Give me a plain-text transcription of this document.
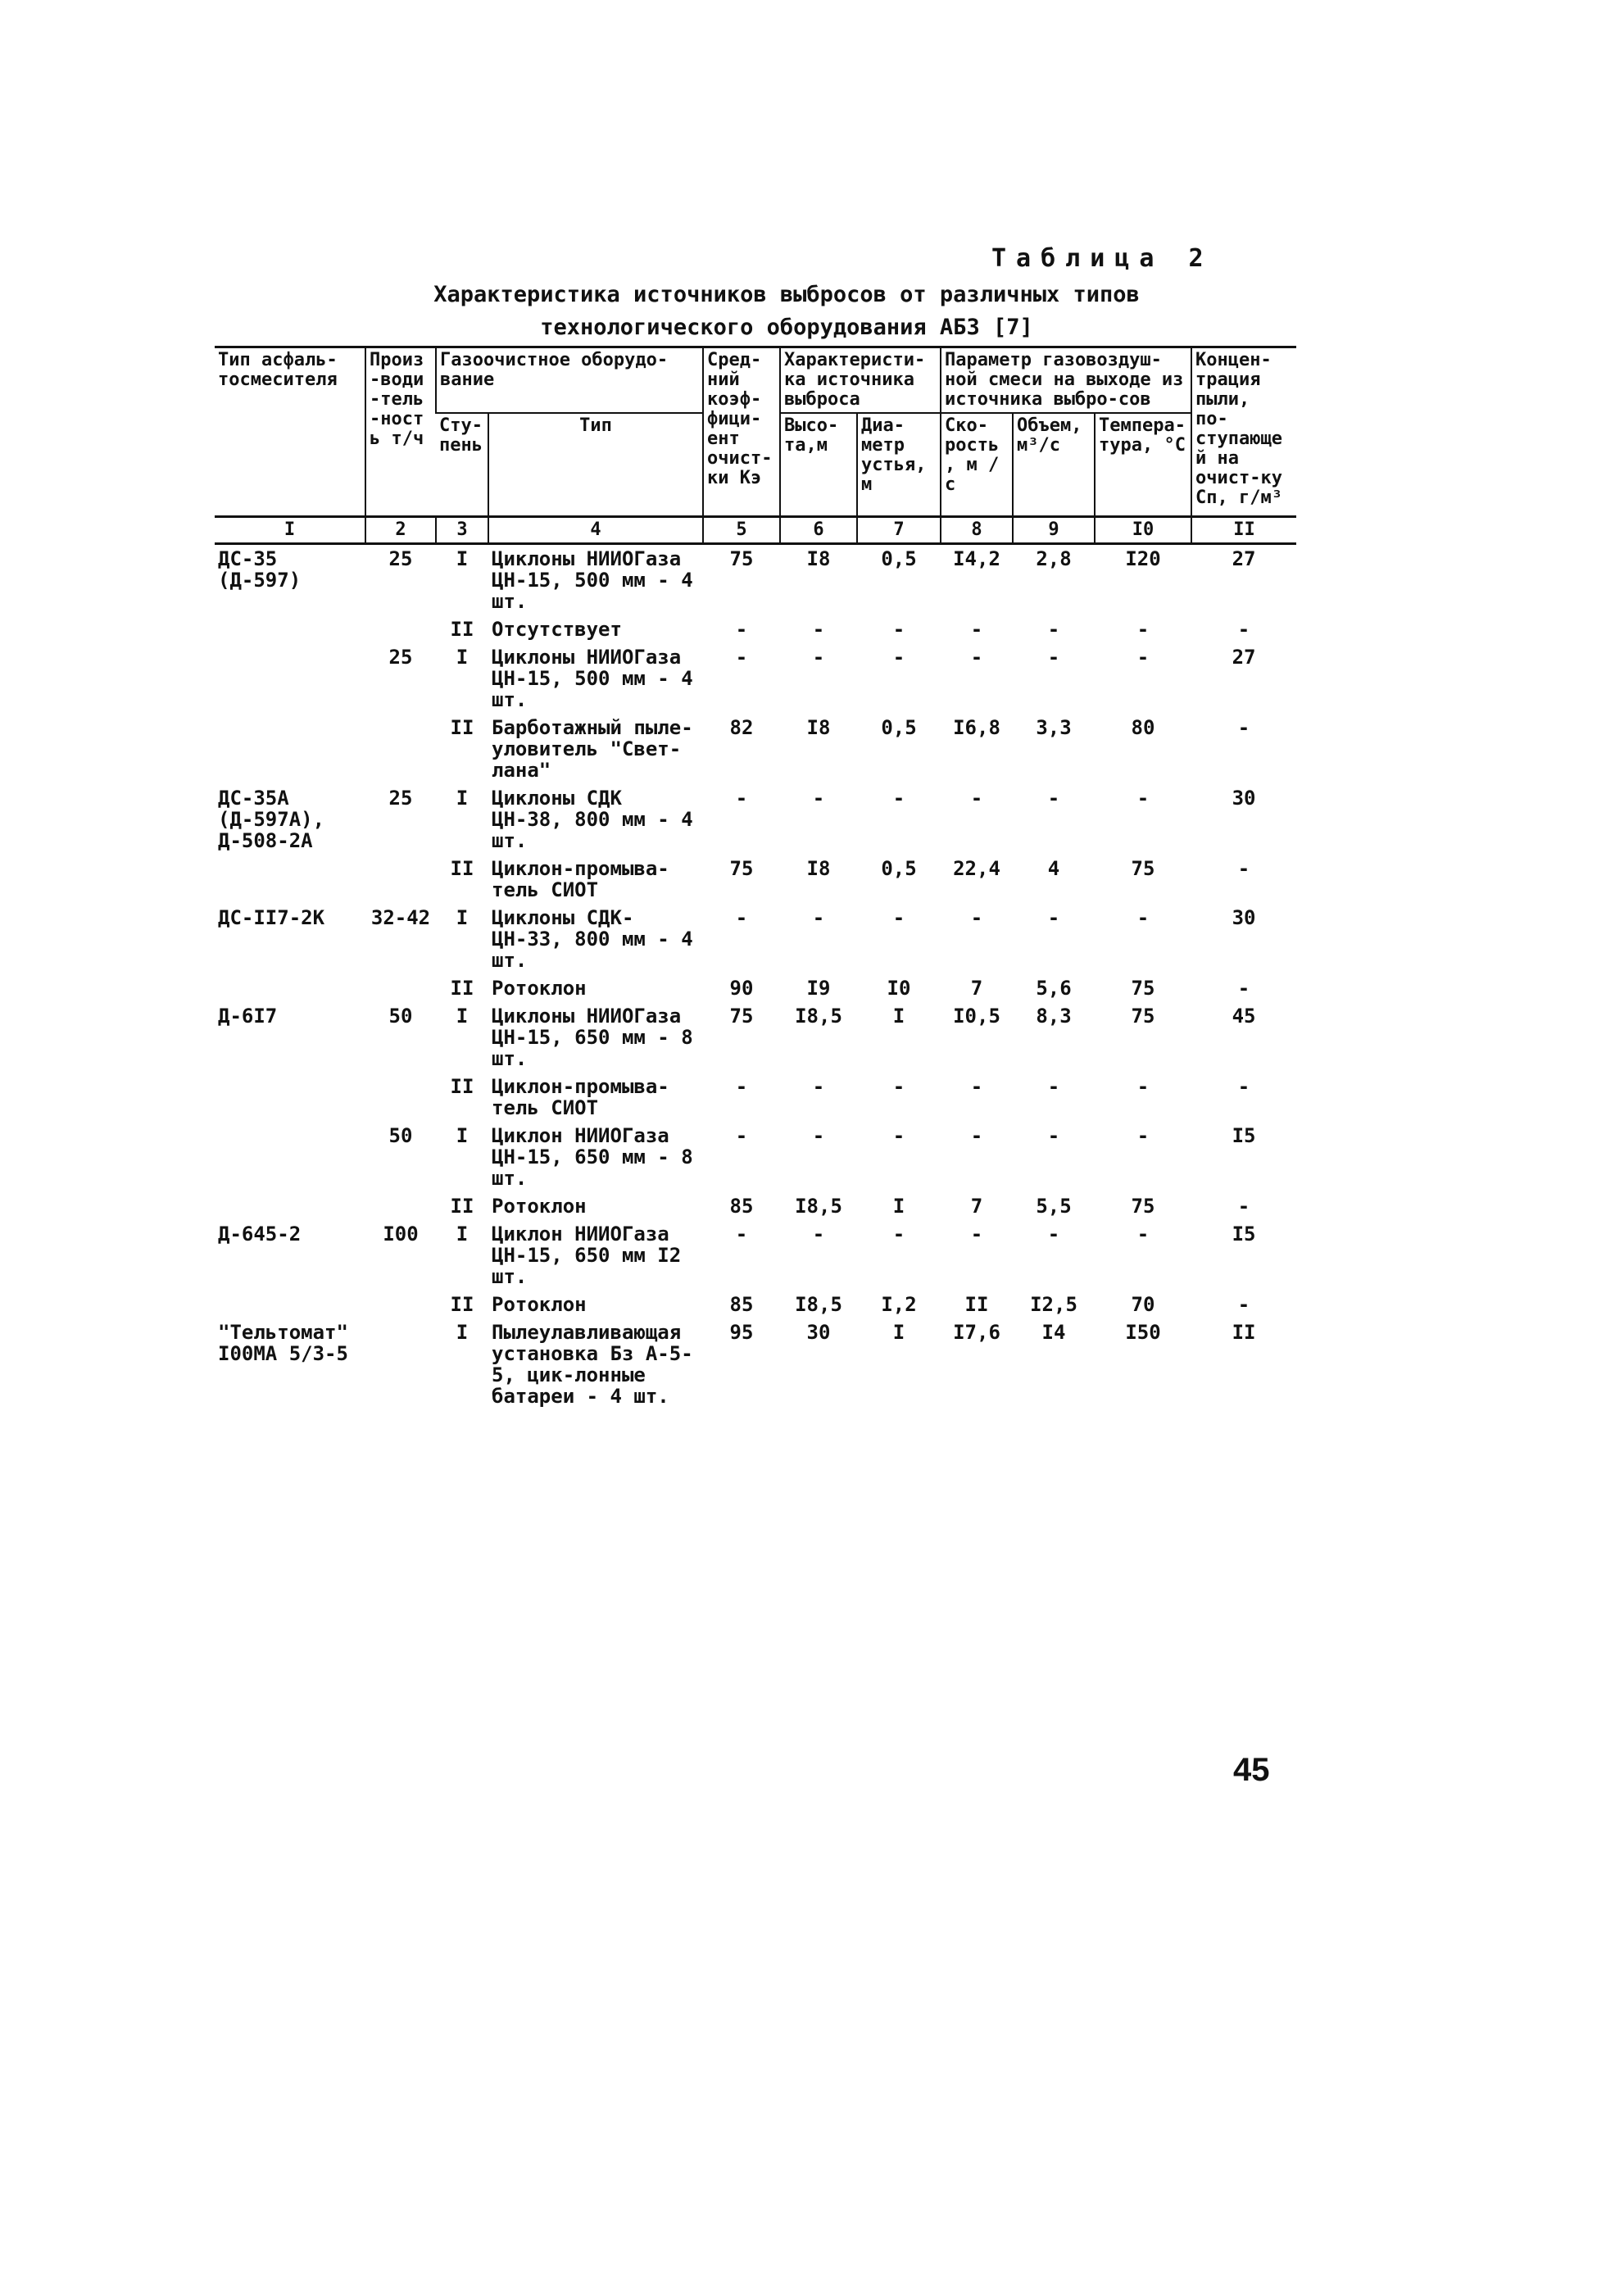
Таблица 2
Характеристика источников выбросов от различных типов
технологического оборудования АБЗ [7]
Тип асфаль-тосмесителя	Произ-води-тель-ность т/ч	Газоочистное оборудо-вание		Сред-ний коэф-фици-ент очист-ки Кэ	Характеристи-ка источника выброса		Параметр газовоздуш-ной смеси на выходе из источника выбро-сов			Концен-трация пыли, по-ступающей на очист-ку Сп, г/м³
		Сту-пень	Тип		Высо-та,м	Диа-метр устья, м	Ско-рость, м /с	Объем, м³/с	Темпера-тура, °С	
I	2	3	4	5	6	7	8	9	I0	II
ДС-35 (Д-597)	25	I	Циклоны НИИОГаза ЦН-15, 500 мм - 4 шт.	75	I8	0,5	I4,2	2,8	I20	27
		II	Отсутствует	-	-	-	-	-	-	-
	25	I	Циклоны НИИОГаза ЦН-15, 500 мм - 4 шт.	-	-	-	-	-	-	27
		II	Барботажный пыле-уловитель "Свет-лана"	82	I8	0,5	I6,8	3,3	80	-
ДС-35А (Д-597А), Д-508-2А	25	I	Циклоны СДК ЦН-38, 800 мм - 4 шт.	-	-	-	-	-	-	30
		II	Циклон-промыва-тель СИОТ	75	I8	0,5	22,4	4	75	-
ДС-II7-2К	32-42	I	Циклоны СДК-ЦН-33, 800 мм - 4 шт.	-	-	-	-	-	-	30
		II	Ротоклон	90	I9	I0	7	5,6	75	-
Д-6I7	50	I	Циклоны НИИОГаза ЦН-15, 650 мм - 8 шт.	75	I8,5	I	I0,5	8,3	75	45
		II	Циклон-промыва-тель СИОТ	-	-	-	-	-	-	-
	50	I	Циклон НИИОГаза ЦН-15, 650 мм - 8 шт.	-	-	-	-	-	-	I5
		II	Ротоклон	85	I8,5	I	7	5,5	75	-
Д-645-2	I00	I	Циклон НИИОГаза ЦН-15, 650 мм I2 шт.	-	-	-	-	-	-	I5
		II	Ротоклон	85	I8,5	I,2	II	I2,5	70	-
"Тельтомат" I00МА 5/3-5		I	Пылеулавливающая установка Бз А-5-5, цик-лонные батареи - 4 шт.	95	30	I	I7,6	I4	I50	II
45
